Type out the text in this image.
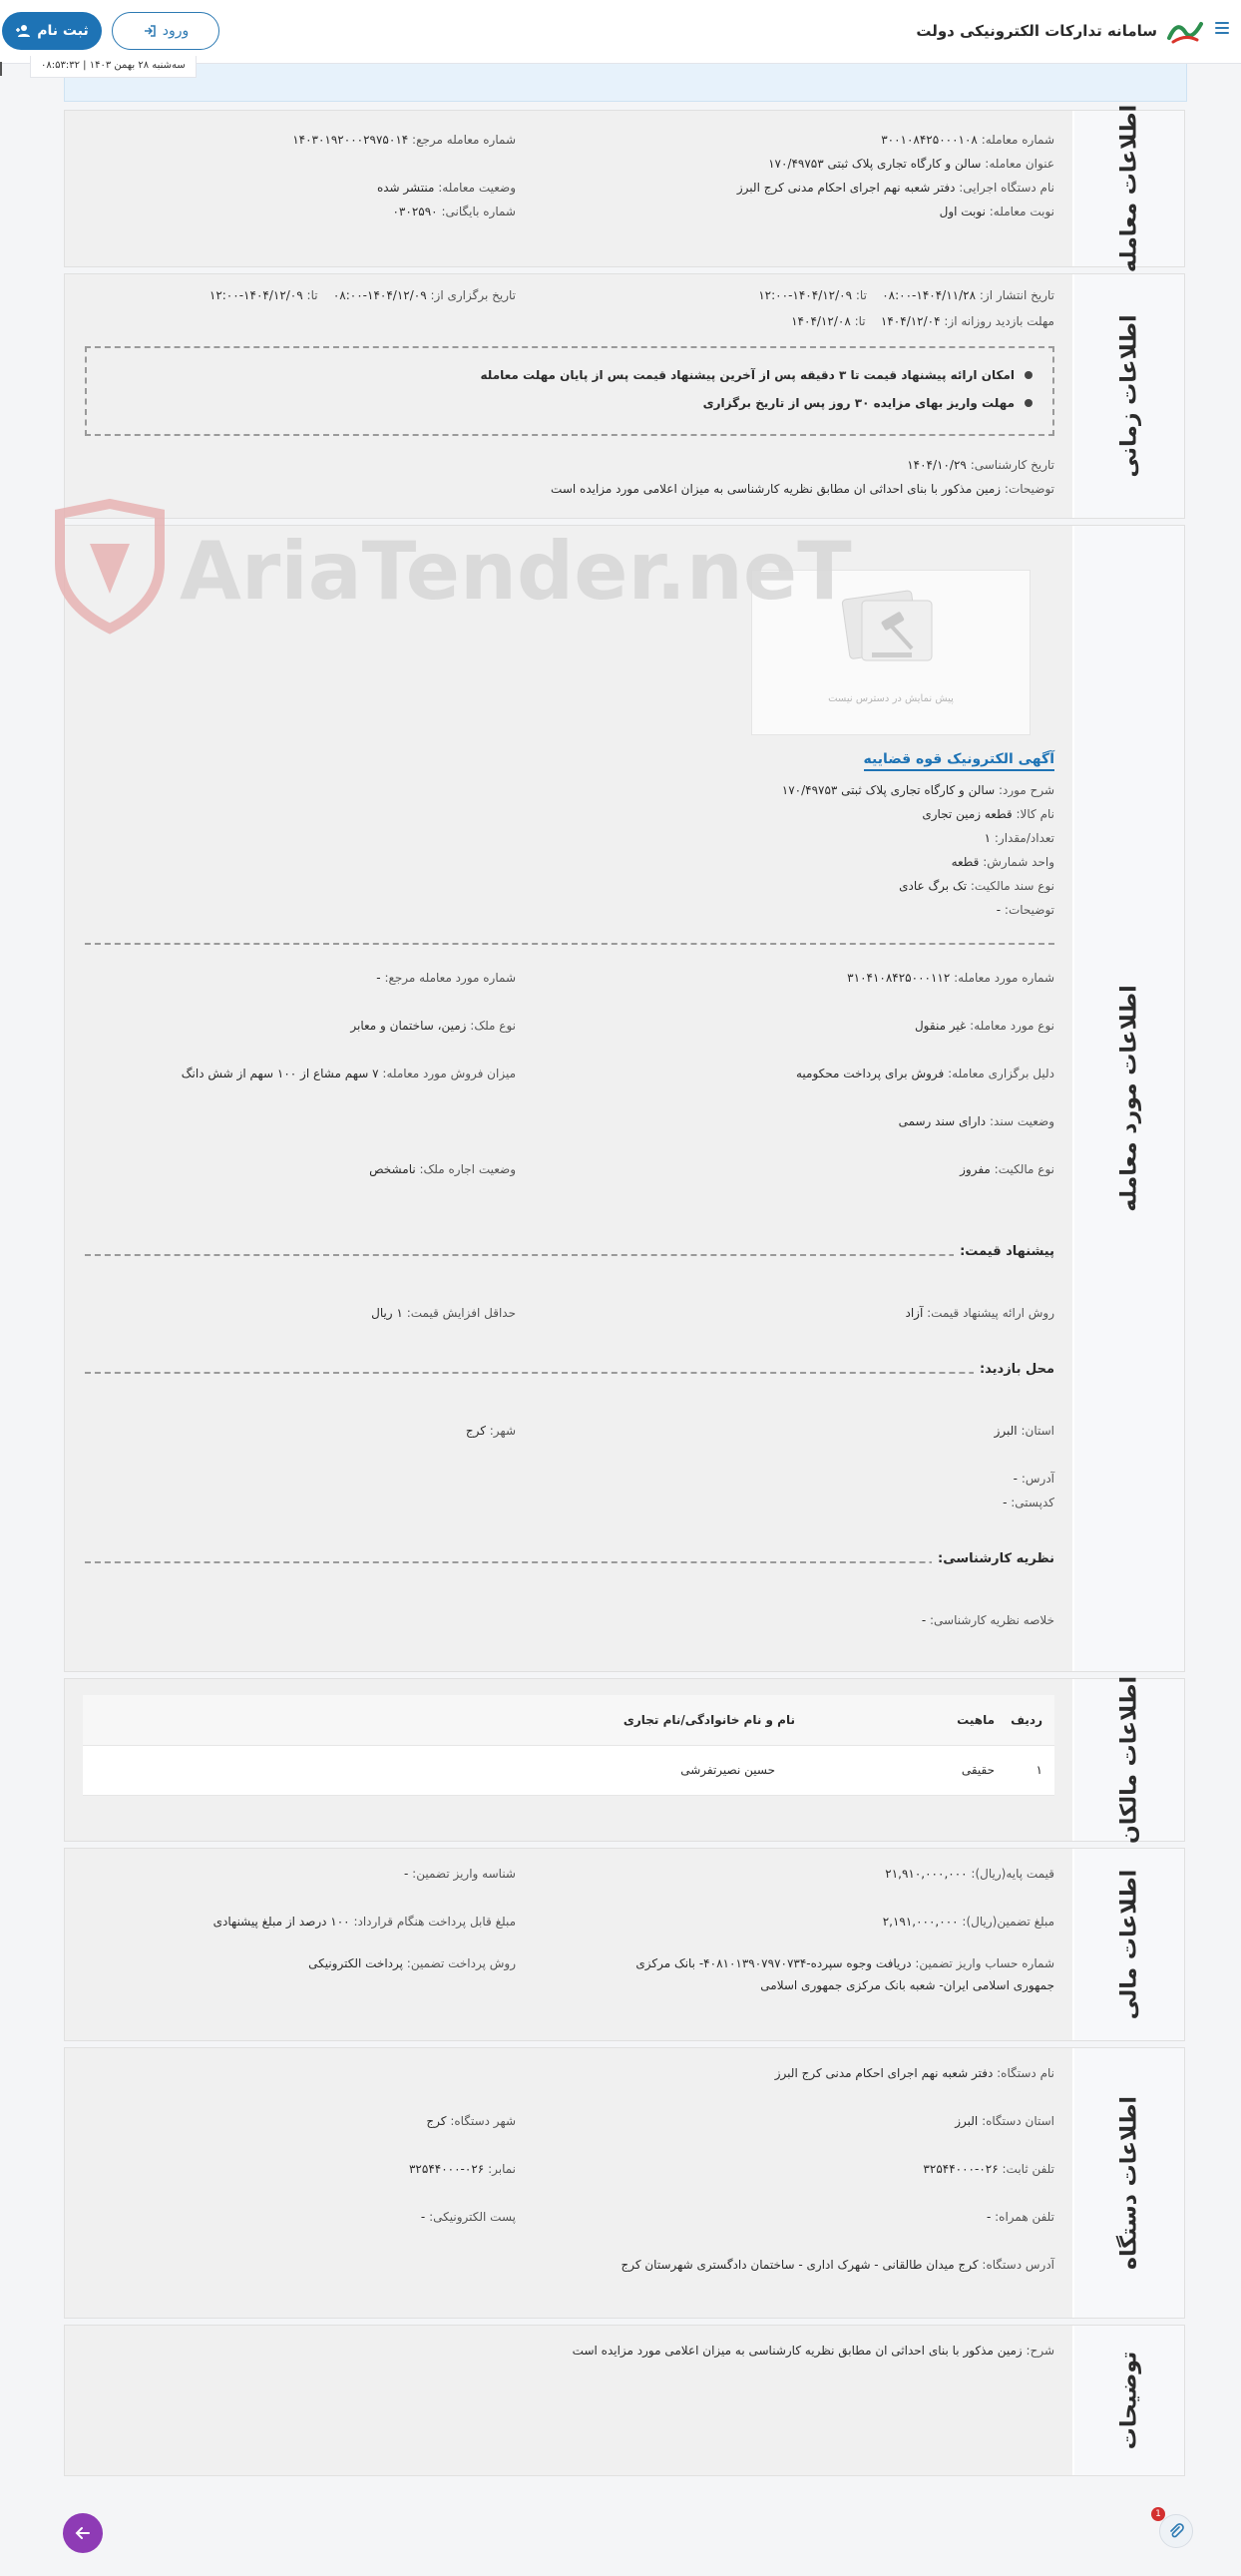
سامانه تدارکات الکترونیکی دولت
ورود
ثبت نام
سه‌شنبه ۲۸ بهمن ۱۴۰۳ | ۰۸:۵۳:۳۲
اطلاعات معامله
شماره معامله: ۳۰۰۱۰۸۴۲۵۰۰۰۱۰۸
شماره معامله مرجع: ۱۴۰۳۰۱۹۲۰۰۰۲۹۷۵۰۱۴
عنوان معامله: سالن و کارگاه تجاری پلاک ثبتی ۱۷۰/۴۹۷۵۳
نام دستگاه اجرایی: دفتر شعبه نهم اجرای احکام مدنی کرج البرز
وضعیت معامله: منتشر شده
نوبت معامله: نوبت اول
شماره بایگانی: ۰۳۰۲۵۹۰
اطلاعات زمانی
تاریخ انتشار از: ۱۴۰۴/۱۱/۲۸-۰۸:۰۰    تا: ۱۴۰۴/۱۲/۰۹-۱۲:۰۰
تاریخ برگزاری از: ۱۴۰۴/۱۲/۰۹-۰۸:۰۰    تا: ۱۴۰۴/۱۲/۰۹-۱۲:۰۰
مهلت بازدید روزانه از: ۱۴۰۴/۱۲/۰۴    تا: ۱۴۰۴/۱۲/۰۸
امکان ارائه پیشنهاد قیمت تا ۳ دقیقه پس از آخرین پیشنهاد قیمت پس از پایان مهلت معامله
مهلت واریز بهای مزایده ۳۰ روز پس از تاریخ برگزاری
تاریخ کارشناسی: ۱۴۰۴/۱۰/۲۹
توضیحات: زمین مذکور با بنای احداثی ان مطابق نظریه کارشناسی به میزان اعلامی مورد مزایده است
اطلاعات مورد معامله
پیش نمایش در دسترس نیست
آگهی الکترونیک قوه قضاییه
شرح مورد: سالن و کارگاه تجاری پلاک ثبتی ۱۷۰/۴۹۷۵۳
نام کالا: قطعه زمین تجاری
تعداد/مقدار: ۱
واحد شمارش: قطعه
نوع سند مالکیت: تک برگ عادی
توضیحات: -
شماره مورد معامله: ۳۱۰۴۱۰۸۴۲۵۰۰۰۱۱۲
شماره مورد معامله مرجع: -
نوع مورد معامله: غیر منقول
نوع ملک: زمین، ساختمان و معابر
دلیل برگزاری معامله: فروش برای پرداخت محکومیه
میزان فروش مورد معامله: ۷ سهم مشاع از ۱۰۰ سهم از شش دانگ
وضعیت سند: دارای سند رسمی
نوع مالکیت: مفروز
وضعیت اجاره ملک: نامشخص
پیشنهاد قیمت:
روش ارائه پیشنهاد قیمت: آزاد
حداقل افزایش قیمت: ۱ ریال
محل بازدید:
استان: البرز
شهر: کرج
آدرس: -
کدپستی: -
نظریه کارشناسی:
خلاصه نظریه کارشناسی: -
AriaTender.neT
اطلاعات مالکان
ردیف	ماهیت	نام و نام خانوادگی/نام تجاری
۱	حقیقی	حسین نصیرتفرشی
اطلاعات مالی
قیمت پایه(ریال): ۲۱,۹۱۰,۰۰۰,۰۰۰
شناسه واریز تضمین: -
مبلغ تضمین(ریال): ۲,۱۹۱,۰۰۰,۰۰۰
مبلغ قابل پرداخت هنگام قرارداد: ۱۰۰ درصد از مبلغ پیشنهادی
شماره حساب واریز تضمین: دریافت وجوه سپرده-۴۰۸۱۰۱۳۹۰۷۹۷۰۷۳۴- بانک مرکزی
جمهوری اسلامی ایران- شعبه بانک مرکزی جمهوری اسلامی
روش پرداخت تضمین: پرداخت الکترونیکی
اطلاعات دستگاه
نام دستگاه: دفتر شعبه نهم اجرای احکام مدنی کرج البرز
استان دستگاه: البرز
شهر دستگاه: کرج
تلفن ثابت: ۰۲۶-۳۲۵۴۴۰۰۰
نمابر: ۰۲۶-۳۲۵۴۴۰۰۰
تلفن همراه: -
پست الکترونیکی: -
آدرس دستگاه: کرج میدان طالقانی - شهرک اداری - ساختمان دادگستری شهرستان کرج
توضیحات
شرح: زمین مذکور با بنای احداثی ان مطابق نظریه کارشناسی به میزان اعلامی مورد مزایده است
1
